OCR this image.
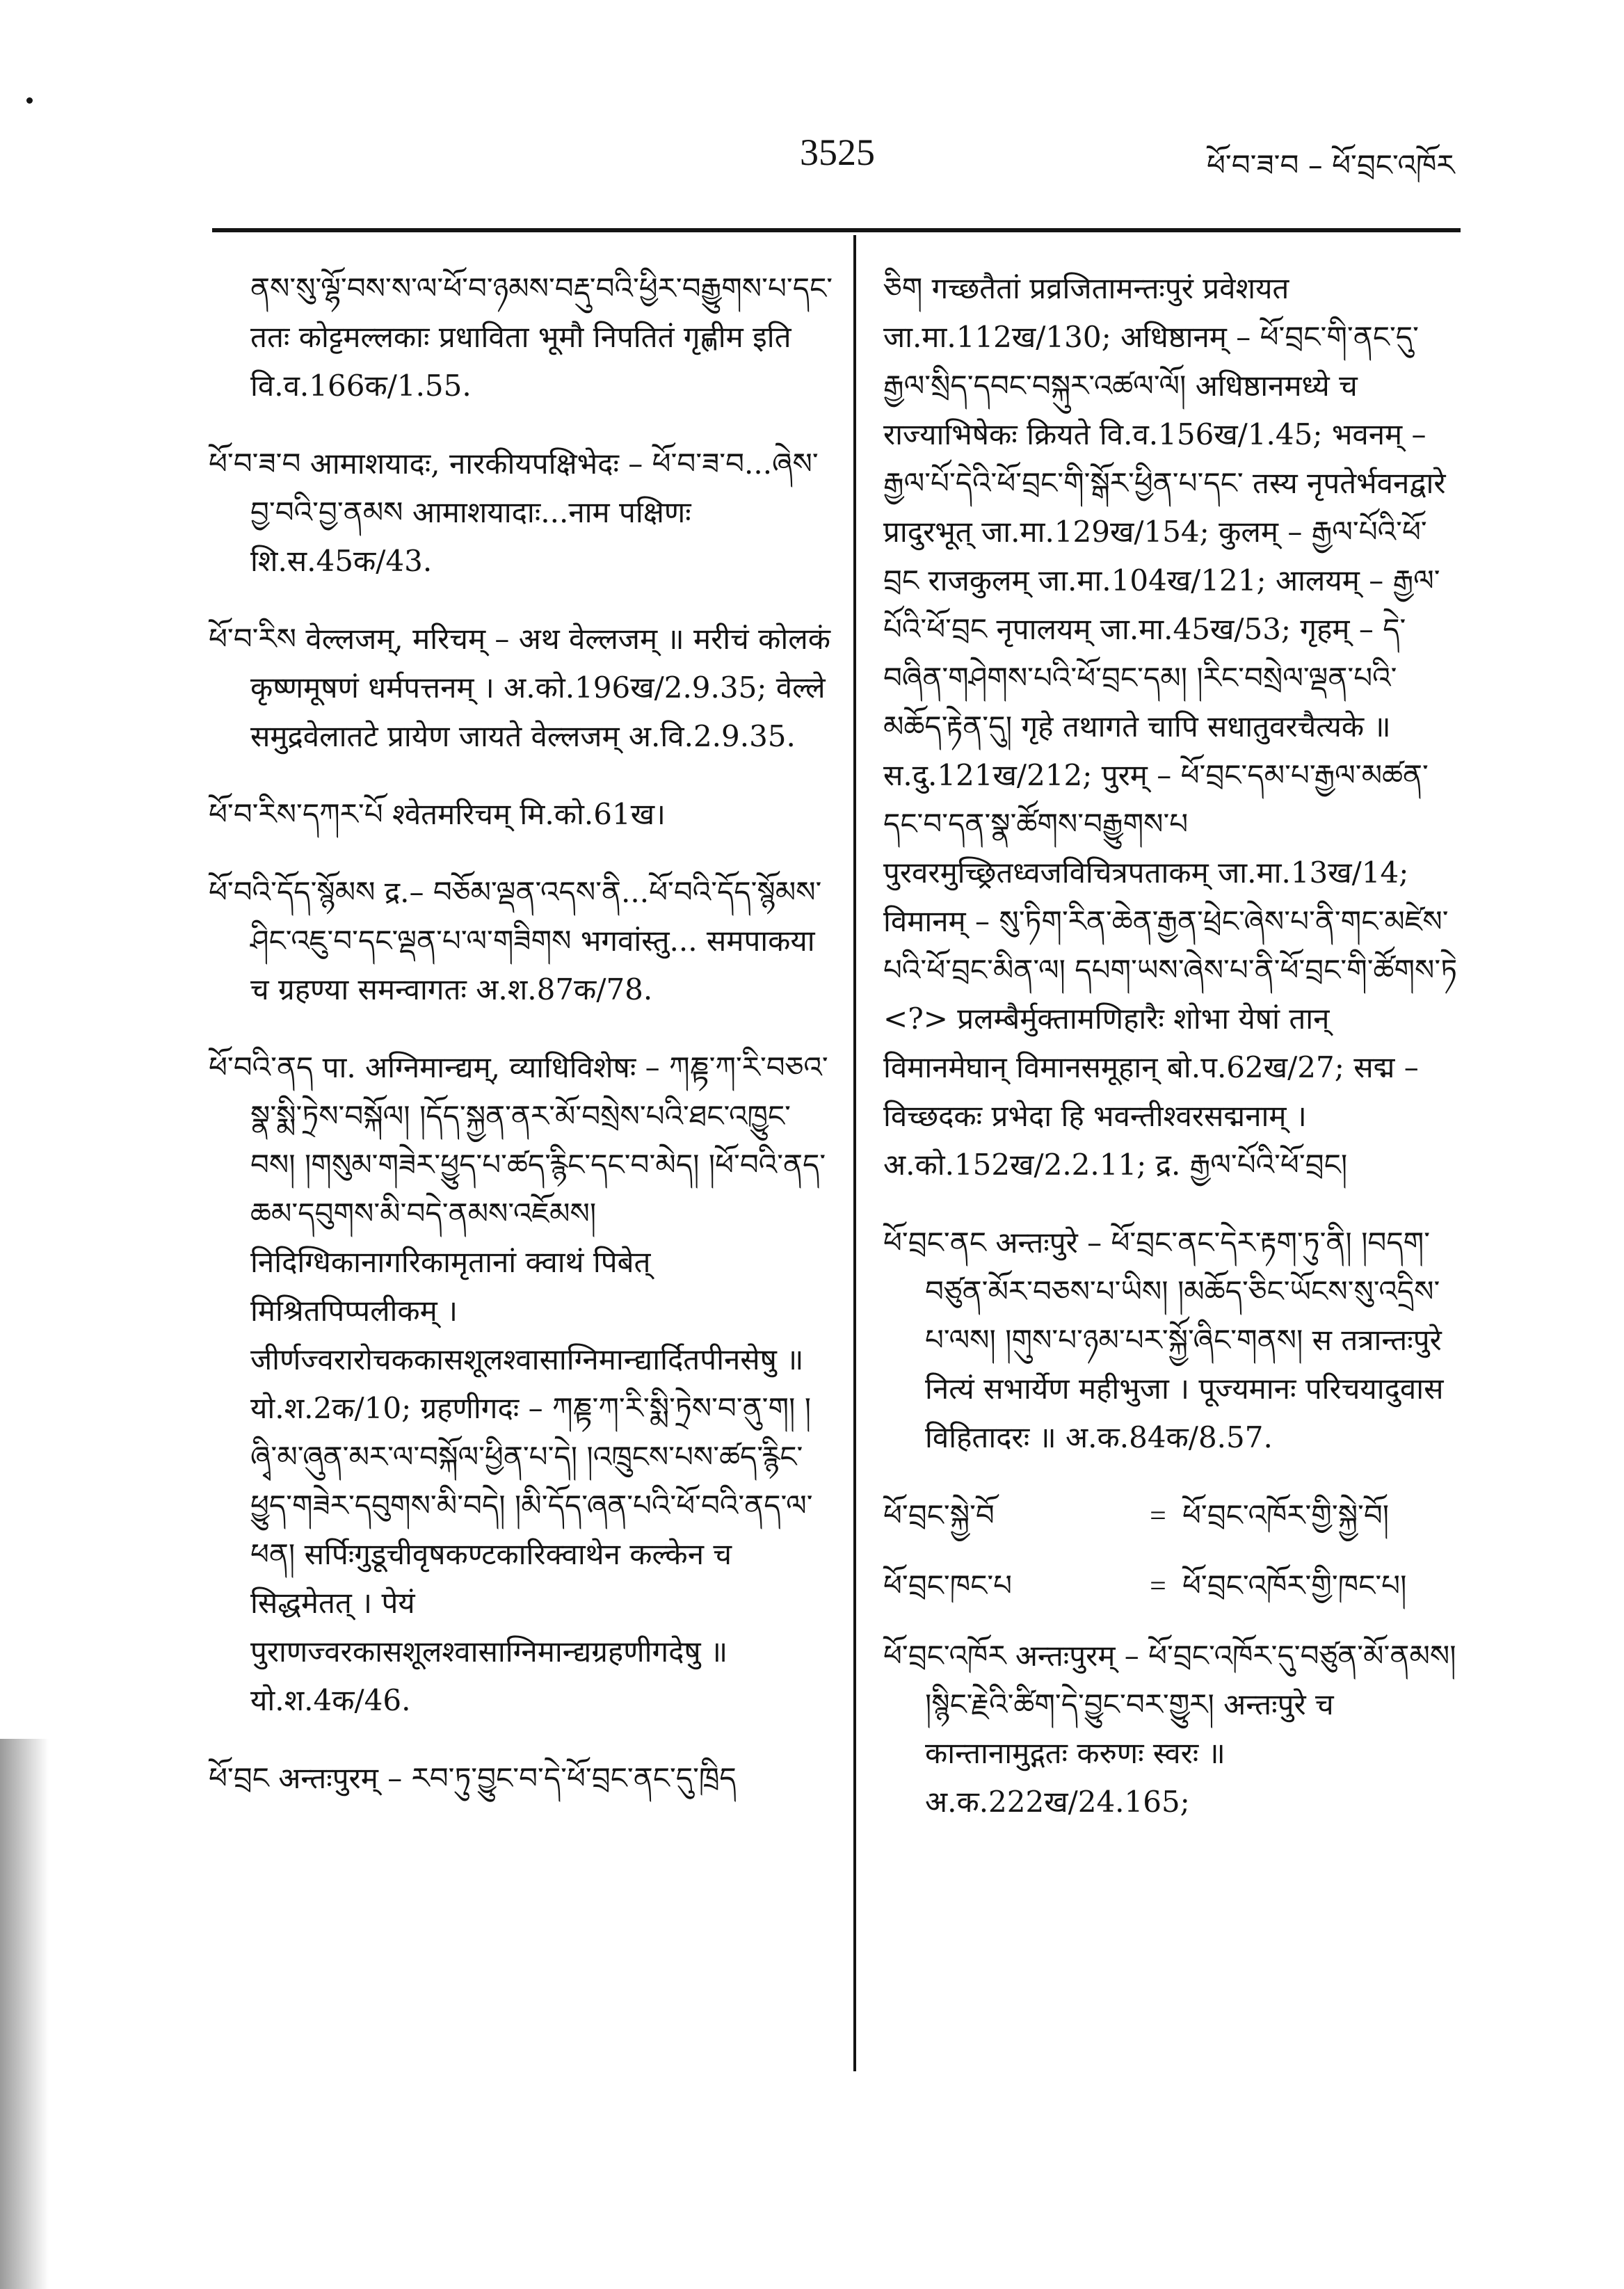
3525	ཕོ་བ་ཟ་བ – ཕོ་བྲང་འཁོར

ནས་སུ་ལྷོ་བས་ས་ལ་ཕོ་བ་ཉམས་བརྡུ་བའི་ཕྱིར་བརྒྱུགས་པ་དང་ ततः कोट्टमल्लकाः प्रधाविता भूमौ निपतितं गृह्णीम इति वि.व.166क/1.55.

ཕོ་བ་ཟ་བ आमाशयादः, नारकीयपक्षिभेदः – ཕོ་བ་ཟ་བ...ཞེས་བྱ་བའི་བྱ་ནམས आमाशयादाः...नाम पक्षिणः शि.स.45क/43.

ཕོ་བ་རིས वेल्लजम्, मरिचम् – अथ वेल्लजम् ॥ मरीचं कोलकं कृष्णमूषणं धर्मपत्तनम् । अ.को.196ख/2.9.35; वेल्ले समुद्रवेलातटे प्रायेण जायते वेल्लजम् अ.वि.2.9.35.

ཕོ་བ་རིས་དཀར་པོ श्वेतमरिचम् मि.को.61ख।

ཕོ་བའི་དོད་སྙོམས द्र.– བཅོམ་ལྡན་འདས་ནི...ཕོ་བའི་དོད་སྙོམས་ཤིང་འཇུ་བ་དང་ལྡན་པ་ལ་གཟིགས भगवांस्तु... समपाकया च ग्रहण्या समन्वागतः अ.श.87क/78.

ཕོ་བའི་ནད पा. अग्निमान्द्यम्, व्याधिविशेषः – ཀཎྟ་ཀ་རི་བཅའ་སྣ་སྨི་ཏྲེས་བསྐོལ། །དོད་སྐྱན་ནར་མོ་བསྲེས་པའི་ཐང་འཁྱུང་བས། །གསུམ་གཟེར་ཕྱུད་པ་ཚད་རྙིང་དང་བ་མེད། །ཕོ་བའི་ནད་ཆམ་དབུགས་མི་བདེ་ནམས་འཇོམས། निदिग्धिकानागरिकामृतानां क्वाथं पिबेत् मिश्रितपिप्पलीकम् । जीर्णज्वरारोचककासशूलश्वासाग्निमान्द्यार्दितपीनसेषु ॥ यो.श.2क/10; ग्रहणीगदः – ཀཎྟ་ཀ་རི་སྨི་ཏྲེས་བ་ནུ་ག། །ཞྭི་མ་ཞུན་མར་ལ་བསྐོལ་ཕྱིན་པ་དེ། །འཁྲུངས་པས་ཚད་རྙིང་ཕྱུད་གཟེར་དབུགས་མི་བདེ། །མི་དོད་ཞན་པའི་ཕོ་བའི་ནད་ལ་ཕན། सर्पिःगुडूचीवृषकण्टकारिक्वाथेन कल्केन च सिद्धमेतत् । पेयं पुराणज्वरकासशूलश्वासाग्निमान्द्यग्रहणीगदेषु ॥ यो.श.4क/46.

ཕོ་བྲང अन्तःपुरम् – རབ་ཏུ་བྱུང་བ་དེ་ཕོ་བྲང་ནང་དུ་ཁྲིད

ཅིག गच्छतैतां प्रव्रजितामन्तःपुरं प्रवेशयत जा.मा.112ख/130; अधिष्ठानम् – ཕོ་བྲང་གི་ནང་དུ་རྒྱལ་སྲིད་དབང་བསྐུར་འཚལ་ལོ། अधिष्ठानमध्ये च राज्याभिषेकः क्रियते वि.व.156ख/1.45; भवनम् – རྒྱལ་པོ་དེའི་ཕོ་བྲང་གི་སྒོར་ཕྱིན་པ་དང་ तस्य नृपतेर्भवनद्वारे प्रादुरभूत् जा.मा.129ख/154; कुलम् – རྒྱལ་པོའི་ཕོ་བྲང राजकुलम् जा.मा.104ख/121; आलयम् – རྒྱལ་པོའི་ཕོ་བྲང नृपालयम् जा.मा.45ख/53; गृहम् – དེ་བཞིན་གཤེགས་པའི་ཕོ་བྲང་དམ། །རིང་བསྲེལ་ལྡན་པའི་མཆོད་རྟེན་དུ། गृहे तथागते चापि सधातुवरचैत्यके ॥ स.दु.121ख/212; पुरम् – ཕོ་བྲང་དམ་པ་རྒྱལ་མཚན་དང་བ་དན་སྣ་ཚོགས་བརྒྱུགས་པ पुरवरमुच्छ्रितध्वजविचित्रपताकम् जा.मा.13ख/14; विमानम् – སུ་ཏིག་རིན་ཆེན་རྒྱན་ཕྲེང་ཞེས་པ་ནི་གང་མཛེས་པའི་ཕོ་བྲང་མིན་ལ། དཔག་ཡས་ཞེས་པ་ནི་ཕོ་བྲང་གི་ཚོགས་ཏེ <?> प्रलम्बैर्मुक्तामणिहारैः शोभा येषां तान् विमानमेघान् विमानसमूहान् बो.प.62ख/27; सद्म – विच्छदकः प्रभेदा हि भवन्तीश्वरसद्मनाम् । अ.को.152ख/2.2.11; द्र. རྒྱལ་པོའི་ཕོ་བྲང།

ཕོ་བྲང་ནང अन्तःपुरे – ཕོ་བྲང་ནང་དེར་རྟག་ཏུ་ནི། །བདག་བཙུན་མོར་བཅས་པ་ཡིས། །མཆོད་ཅིང་ཡོངས་སུ་འདྲིས་པ་ལས། །གུས་པ་ཉམ་པར་སྐྱོ་ཞིང་གནས། स तत्रान्तःपुरे नित्यं सभार्येण महीभुजा । पूज्यमानः परिचयादुवास विहितादरः ॥ अ.क.84क/8.57.

ཕོ་བྲང་སྐྱེ་བོ	= ཕོ་བྲང་འཁོར་གྱི་སྐྱེ་བོ།
ཕོ་བྲང་ཁང་པ	= ཕོ་བྲང་འཁོར་གྱི་ཁང་པ།

ཕོ་བྲང་འཁོར अन्तःपुरम् – ཕོ་བྲང་འཁོར་དུ་བཙུན་མོ་ནམས། །སྙིང་རྗེའི་ཚིག་དེ་བྱུང་བར་གྱུར། अन्तःपुरे च कान्तानामुद्गतः करुणः स्वरः ॥ अ.क.222ख/24.165;
